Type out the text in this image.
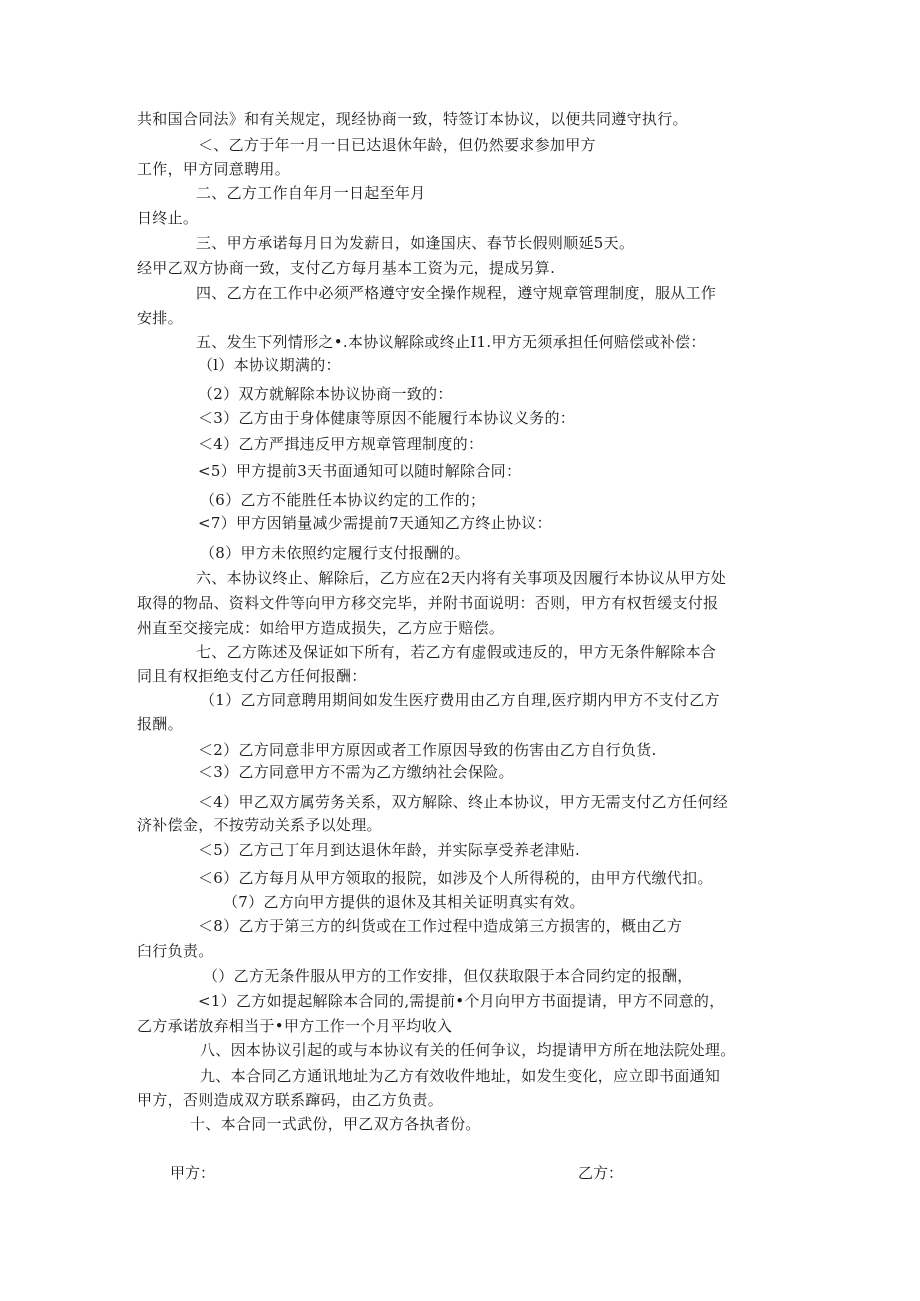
共和国合同法》和有关规定，现经协商一致，特签订本协议，以便共同遵守执行。
＜、乙方于年一月一日已达退休年龄，但仍然要求参加甲方
工作，甲方同意聘用。
二、乙方工作自年月一日起至年月
日终止。
三、甲方承诺每月日为发薪日，如逢国庆、春节长假则顺延5天。
经甲乙双方协商一致，支付乙方每月基本工资为元，提成另算.
四、乙方在工作中必须严格遵守安全操作规程，遵守规章管理制度，服从工作
安排。
五、发生下列情形之•.本协议解除或终止I1.甲方无须承担任何赔偿或补偿：
（l）本协议期满的：
（2）双方就解除本协议协商一致的：
＜3）乙方由于身体健康等原因不能履行本协议义务的：
＜4）乙方严揖违反甲方规章管理制度的：
<5）甲方提前3天书面通知可以随时解除合同：
（6）乙方不能胜任本协议约定的工作的；
<7）甲方因销量减少需提前7天通知乙方终止协议：
（8）甲方未依照约定履行支付报酬的。
六、本协议终止、解除后，乙方应在2天内将有关事项及因履行本协议从甲方处
取得的物品、资料文件等向甲方移交完毕，并附书面说明：否则，甲方有权哲缓支付报
州直至交接完成：如给甲方造成损失，乙方应于赔偿。
七、乙方陈述及保证如下所有，若乙方有虚假或违反的，甲方无条件解除本合
同且有权拒绝支付乙方任何报酬：
（1）乙方同意聘用期间如发生医疗费用由乙方自理,医疗期内甲方不支付乙方
报酬。
＜2）乙方同意非甲方原因或者工作原因导致的伤害由乙方自行负货.
＜3）乙方同意甲方不需为乙方缴纳社会保险。
＜4）甲乙双方属劳务关系，双方解除、终止本协议，甲方无需支付乙方任何经
济补偿金，不按劳动关系予以处理。
＜5）乙方己丁年月到达退休年龄，并实际享受养老津贴.
＜6）乙方每月从甲方领取的报院，如涉及个人所得税的，由甲方代缴代扣。
（7）乙方向甲方提供的退休及其相关证明真实有效。
＜8）乙方于第三方的纠货或在工作过程中造成第三方损害的，概由乙方
臼行负责。
（）乙方无条件服从甲方的工作安排，但仅获取限于本合同约定的报酬，
<1）乙方如提起解除本合同的,需提前•个月向甲方书面提请，甲方不同意的，
乙方承诺放弃相当于•甲方工作一个月平均收入
八、因本协议引起的或与本协议有关的任何争议，均提请甲方所在地法院处理。
九、本合同乙方通讯地址为乙方有效收件地址，如发生变化，应立即书面通知
甲方，否则造成双方联系蹿码，由乙方负责。
十、本合同一式武份，甲乙双方各执者份。
甲方：	乙方：
